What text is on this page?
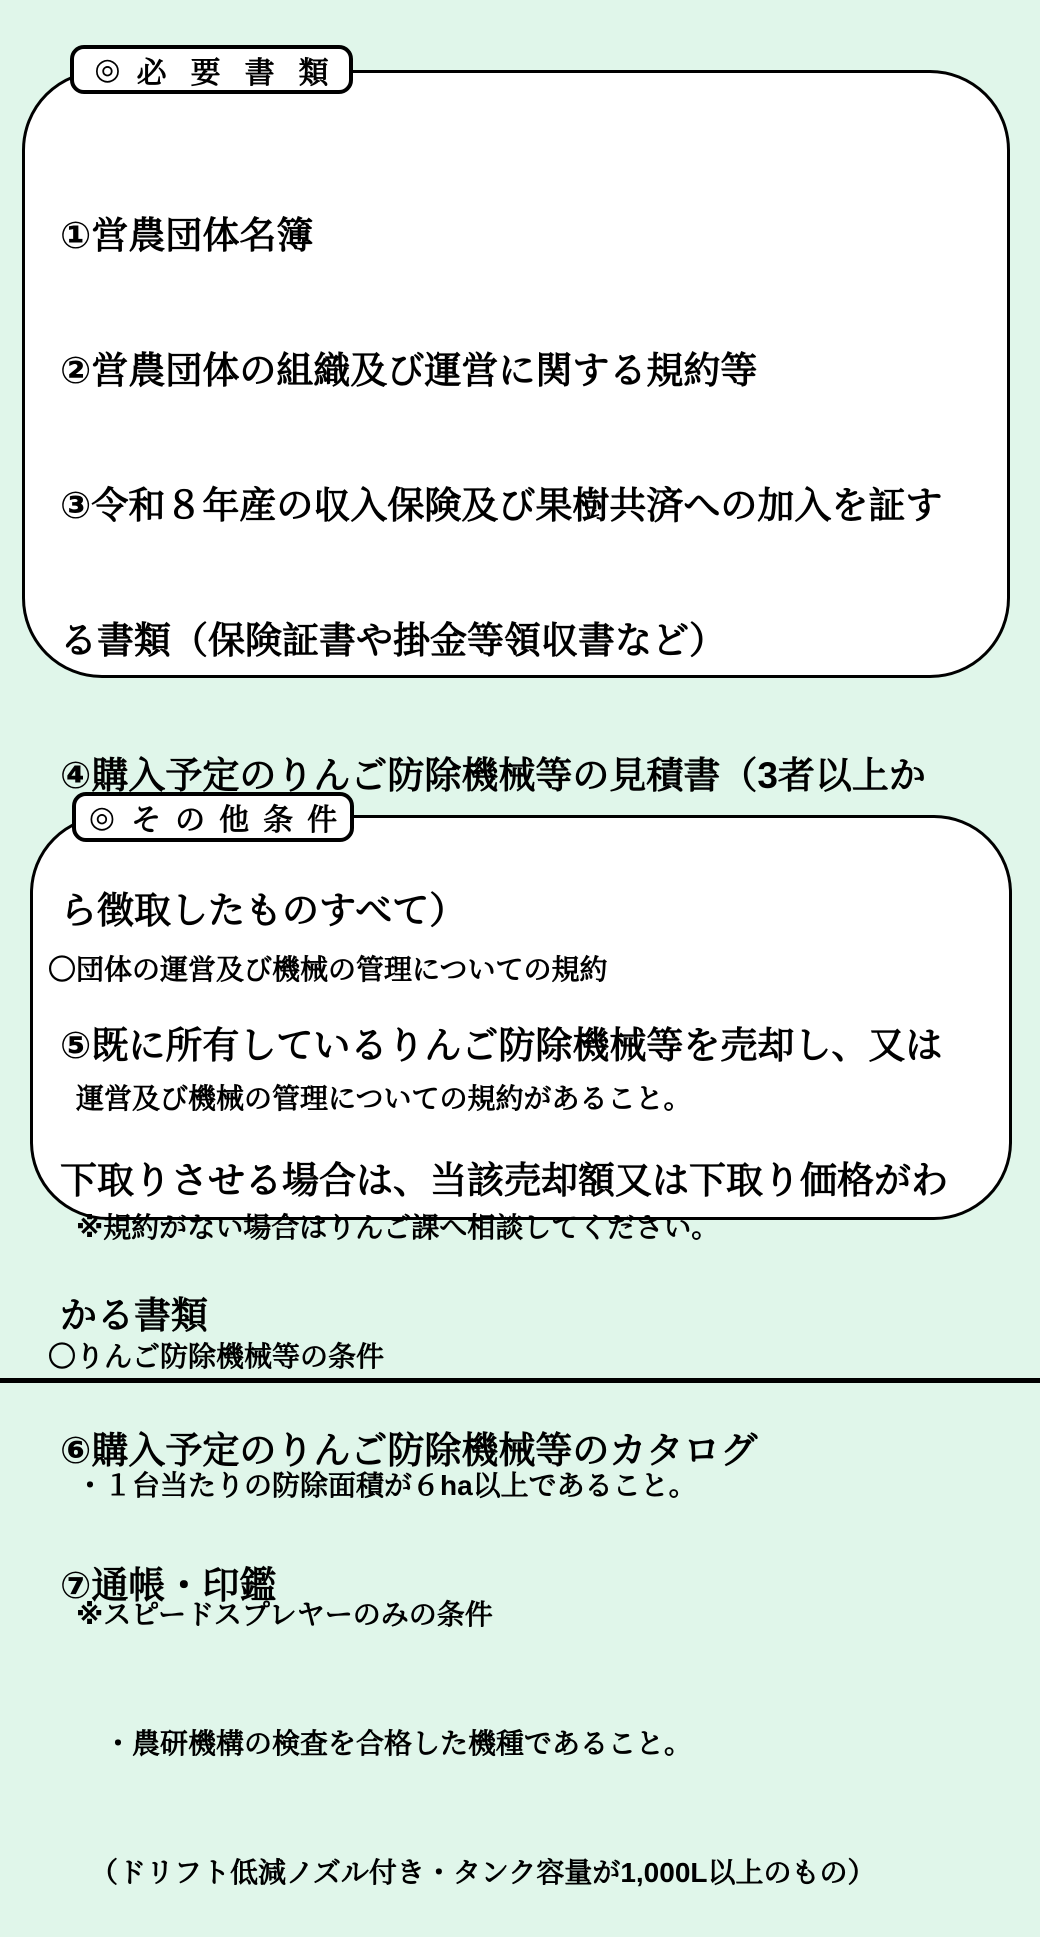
◎ 必要書類

①営農団体名簿

②営農団体の組織及び運営に関する規約等

③令和８年産の収入保険及び果樹共済への加入を証す

る書類（保険証書や掛金等領収書など）

④購入予定のりんご防除機械等の見積書（3者以上か

ら徴取したものすべて）

⑤既に所有しているりんご防除機械等を売却し、又は

下取りさせる場合は、当該売却額又は下取り価格がわ

かる書類

⑥購入予定のりんご防除機械等のカタログ

⑦通帳・印鑑

◎ その他条件

〇団体の運営及び機械の管理についての規約

　運営及び機械の管理についての規約があること。

　※規約がない場合はりんご課へ相談してください。

〇りんご防除機械等の条件

　・１台当たりの防除面積が６ha以上であること。

　※スピードスプレヤーのみの条件

　　・農研機構の検査を合格した機種であること。

　　（ドリフト低減ノズル付き・タンク容量が1,000L以上のもの）
